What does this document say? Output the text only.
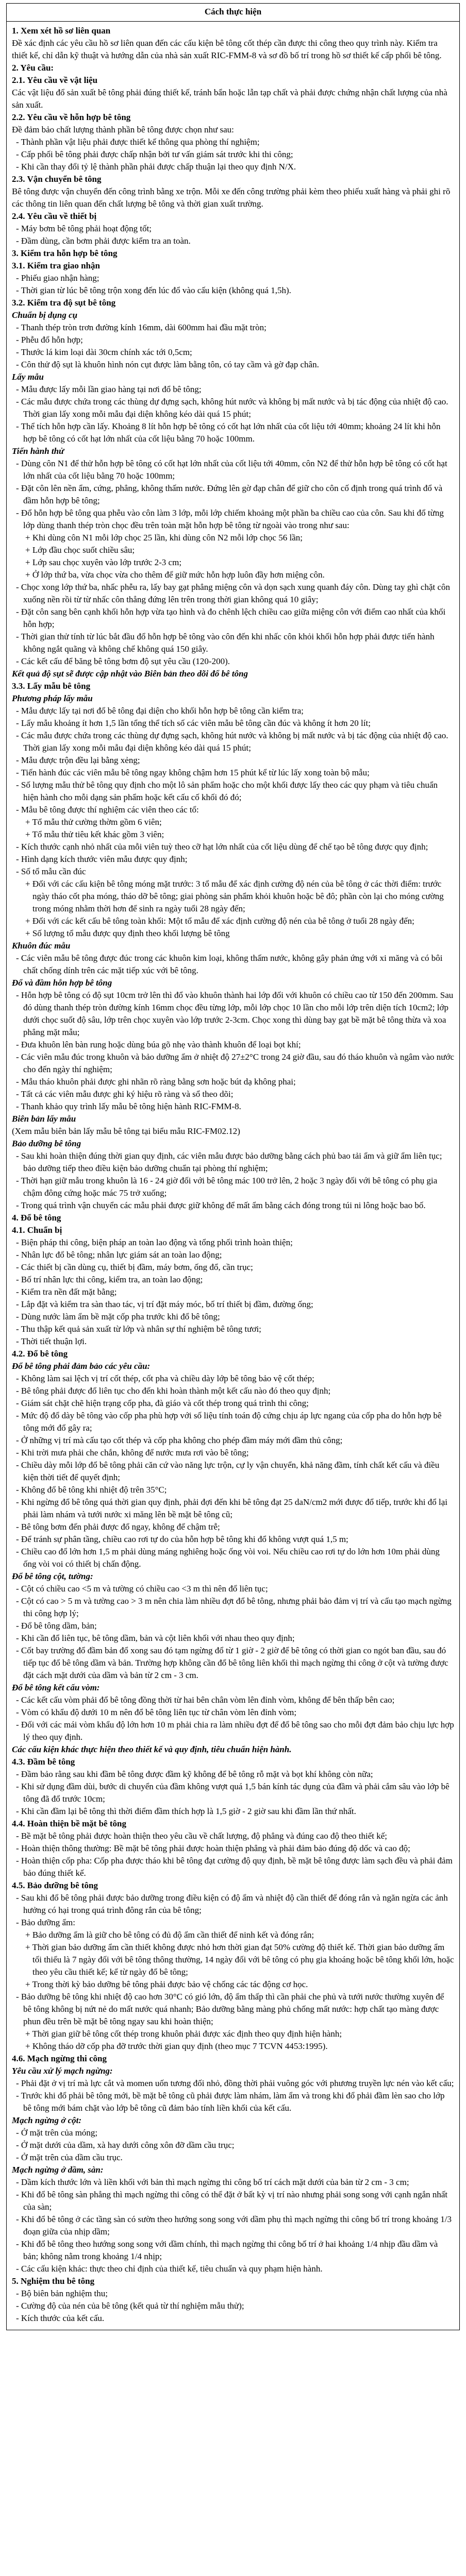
Cách thực hiện
1. Xem xét hồ sơ liên quan
Đề xác định các yêu cầu hồ sơ liên quan đến các cấu kiện bê tông cốt thép cần được thi công theo quy trình này. Kiểm tra thiết kế, chỉ dẫn kỹ thuật và hướng dẫn của nhà sản xuất RIC-FMM-8 và sơ đồ bố trí trong hồ sơ thiết kế cấp phối bê tông.
2. Yêu cầu:
2.1. Yêu cầu về vật liệu
Các vật liệu đổ sản xuất bê tông phải đúng thiết kế, tránh bẩn hoặc lẫn tạp chất và phải được chứng nhận chất lượng của nhà sản xuất.
2.2. Yêu cầu về hỗn hợp bê tông
Đề đảm bảo chất lượng thành phần bê tông được chọn như sau:
- Thành phần vật liệu phải được thiết kế thông qua phòng thí nghiệm;
- Cấp phối bê tông phải được chấp nhận bởi tư vấn giám sát trước khi thi công;
- Khi cần thay đổi tỷ lệ thành phần phải được chấp thuận lại theo quy định N/X.
2.3. Vận chuyển bê tông
Bê tông được vận chuyển đến công trình bằng xe trộn. Mỗi xe đến công trường phải kèm theo phiếu xuất hàng và phải ghi rõ các thông tin liên quan đến chất lượng bê tông và thời gian xuất trường.
2.4. Yêu cầu về thiết bị
- Máy bơm bê tông phải hoạt động tốt;
- Đầm dùng, cần bơm phải được kiểm tra an toàn.
3. Kiểm tra hỗn hợp bê tông
3.1. Kiểm tra giao nhận
- Phiếu giao nhận hàng;
- Thời gian từ lúc bê tông trộn xong đến lúc đổ vào cấu kiện (không quá 1,5h).
3.2. Kiểm tra độ sụt bê tông
Chuẩn bị dụng cụ
- Thanh thép tròn trơn đường kính 16mm, dài 600mm hai đầu mặt tròn;
- Phễu đổ hỗn hợp;
- Thước lá kim loại dài 30cm chính xác tới 0,5cm;
- Côn thử độ sụt là khuôn hình nón cụt được làm bằng tôn, có tay cầm và gờ đạp chân.
Lấy mẫu
- Mẫu được lấy mỗi lần giao hàng tại nơi đổ bê tông;
- Các mẫu được chứa trong các thùng dự đựng sạch, không hút nước và không bị mất nước và bị tác động của nhiệt độ cao. Thời gian lấy xong mỗi mẫu đại diện không kéo dài quá 15 phút;
- Thể tích hỗn hợp cần lấy. Khoảng 8 lít hỗn hợp bê tông có cốt hạt lớn nhất của cốt liệu tới 40mm; khoảng 24 lít khi hỗn hợp bê tông có cốt hạt lớn nhất của cốt liệu bằng 70 hoặc 100mm.
Tiến hành thử
- Dùng côn N1 để thử hỗn hợp bê tông có cốt hạt lớn nhất của cốt liệu tới 40mm, côn N2 để thử hỗn hợp bê tông có cốt hạt lớn nhất của cốt liệu bằng 70 hoặc 100mm;
- Đặt côn lên nền ẩm, cứng, phẳng, không thấm nước. Đứng lên gờ đạp chân để giữ cho côn cố định trong quá trình đổ và đầm hỗn hợp bê tông;
- Đổ hỗn hợp bê tông qua phễu vào côn làm 3 lớp, mỗi lớp chiếm khoảng một phần ba chiều cao của côn. Sau khi đổ từng lớp dùng thanh thép tròn chọc đều trên toàn mặt hỗn hợp bê tông từ ngoài vào trong như sau:
+ Khi dùng côn N1 mỗi lớp chọc 25 lần, khi dùng côn N2 mỗi lớp chọc 56 lần;
+ Lớp đầu chọc suốt chiều sâu;
+ Lớp sau chọc xuyên vào lớp trước 2-3 cm;
+ Ở lớp thứ ba, vừa chọc vừa cho thêm để giữ mức hỗn hợp luôn đầy hơn miệng côn.
- Chọc xong lớp thứ ba, nhấc phễu ra, lấy bay gạt phẳng miệng côn và dọn sạch xung quanh đáy côn. Dùng tay ghì chặt côn xuống nền rồi từ từ nhấc côn thẳng đứng lên trên trong thời gian không quá 10 giây;
- Đặt côn sang bên cạnh khối hỗn hợp vừa tạo hình và đo chênh lệch chiều cao giữa miệng côn với điểm cao nhất của khối hỗn hợp;
- Thời gian thử tính từ lúc bắt đầu đổ hỗn hợp bê tông vào côn đến khi nhấc côn khỏi khối hỗn hợp phải được tiến hành không ngắt quãng và không chế không quá 150 giây.
- Các kết cấu để băng bê tông bơm độ sụt yêu cầu (120-200).
Kết quả độ sụt sẽ được cập nhật vào Biên bản theo dõi đổ bê tông
3.3. Lấy mẫu bê tông
Phương pháp lấy mẫu
- Mẫu được lấy tại nơi đổ bê tông đại diện cho khối hỗn hợp bê tông cần kiểm tra;
- Lấy mẫu khoảng ít hơn 1,5 lần tổng thể tích số các viên mẫu bê tông cần đúc và không ít hơn 20 lít;
- Các mẫu được chứa trong các thùng dự đựng sạch, không hút nước và không bị mất nước và bị tác động của nhiệt độ cao. Thời gian lấy xong mỗi mẫu đại diện không kéo dài quá 15 phút;
- Mẫu được trộn đều lại bằng xẻng;
- Tiến hành đúc các viên mẫu bê tông ngay không chậm hơn 15 phút kể từ lúc lấy xong toàn bộ mẫu;
- Số lượng mẫu thử bê tông quy định cho một lô sản phẩm hoặc cho một khối được lấy theo các quy phạm và tiêu chuẩn hiện hành cho mỗi dạng sản phẩm hoặc kết cấu cố khối đó đó;
- Mẫu bê tông được thí nghiệm các viên theo các tổ:
+ Tổ mẫu thử cường thờm gồm 6 viên;
+ Tổ mẫu thử tiêu kết khác gồm 3 viên;
- Kích thước cạnh nhỏ nhất của mỗi viên tuỳ theo cỡ hạt lớn nhất của cốt liệu dùng để chế tạo bê tông được quy định;
- Hình dạng kích thước viên mẫu được quy định;
- Số tổ mẫu cần đúc
+ Đối với các cấu kiện bê tông móng mặt trước: 3 tổ mẫu để xác định cường độ nén của bê tông ở các thời điểm: trước ngày tháo cốt pha móng, tháo dỡ bê tông; giai phòng sản phẩm khỏi khuôn hoặc bê đô; phần còn lại cho móng cường trong móng nhằm thời hơn để sinh ra ngày tuổi 28 ngày đến;
+ Đối với các kết cấu bê tông toàn khối: Một tổ mẫu để xác định cường độ nén của bê tông ở tuổi 28 ngày đến;
+ Số lượng tổ mẫu được quy định theo khối lượng bê tông
Khuôn đúc mẫu
- Các viên mẫu bê tông được đúc trong các khuôn kim loại, không thấm nước, không gây phản ứng với xi măng và có bôi chất chống dính trên các mặt tiếp xúc với bê tông.
Đổ và đầm hỗn hợp bê tông
- Hỗn hợp bê tông có độ sụt 10cm trở lên thì đổ vào khuôn thành hai lớp đối với khuôn có chiều cao từ 150 đến 200mm. Sau đó dùng thanh thép tròn đường kính 16mm chọc đều từng lớp, mỗi lớp chọc 10 lần cho mỗi lớp trên diện tích 10cm2; lớp dưới chọc suốt độ sâu, lớp trên chọc xuyên vào lớp trước 2-3cm. Chọc xong thì dùng bay gạt bề mặt bê tông thừa và xoa phẳng mặt mẫu;
- Đưa khuôn lên bàn rung hoặc dùng búa gõ nhẹ vào thành khuôn để loại bọt khí;
- Các viên mẫu đúc trong khuôn và bảo dưỡng ẩm ở nhiệt độ 27±2°C trong 24 giờ đầu, sau đó tháo khuôn và ngâm vào nước cho đến ngày thí nghiệm;
- Mẫu tháo khuôn phải được ghi nhãn rõ ràng bằng sơn hoặc bút dạ không phai;
- Tất cả các viên mẫu được ghi ký hiệu rõ ràng và sổ theo dõi;
- Thanh khảo quy trình lấy mẫu bê tông hiện hành RIC-FMM-8.
Biên bản lấy mẫu
(Xem mẫu biên bản lấy mẫu bê tông tại biểu mẫu RIC-FM02.12)
Bảo dưỡng bê tông
- Sau khi hoàn thiện đúng thời gian quy định, các viên mẫu được bảo dưỡng bằng cách phủ bao tải ẩm và giữ ẩm liên tục; bảo dưỡng tiếp theo điều kiện bảo dưỡng chuẩn tại phòng thí nghiệm;
- Thời hạn giữ mẫu trong khuôn là 16 - 24 giờ đối với bê tông mác 100 trở lên, 2 hoặc 3 ngày đối với bê tông có phụ gia chậm đông cứng hoặc mác 75 trở xuống;
- Trong quá trình vận chuyển các mẫu phải được giữ không để mất ẩm bằng cách đóng trong túi ni lông hoặc bao bố.
4. Đổ bê tông
4.1. Chuẩn bị
- Biện pháp thi công, biện pháp an toàn lao động và tổng phối trình hoàn thiện;
- Nhân lực đổ bê tông; nhân lực giám sát an toàn lao động;
- Các thiết bị cần dùng cụ, thiết bị đầm, máy bơm, ống đổ, cần trục;
- Bố trí nhân lực thi công, kiểm tra, an toàn lao động;
- Kiểm tra nền đất mặt bằng;
- Lắp đặt và kiểm tra sàn thao tác, vị trí đặt máy móc, bố trí thiết bị đầm, đường ống;
- Dùng nước làm ẩm bề mặt cốp pha trước khi đổ bê tông;
- Thu thập kết quả sản xuất từ lớp và nhân sự thí nghiệm bê tông tươi;
- Thời tiết thuận lợi.
4.2. Đổ bê tông
Đổ bê tông phải đảm bảo các yêu cầu:
- Không làm sai lệch vị trí cốt thép, cốt pha và chiều dày lớp bê tông bảo vệ cốt thép;
- Bê tông phải được đổ liên tục cho đến khi hoàn thành một kết cấu nào đó theo quy định;
- Giám sát chặt chẽ hiện trạng cốp pha, đà giáo và cốt thép trong quá trình thi công;
- Mức độ đổ dày bê tông vào cốp pha phù hợp với số liệu tính toán độ cứng chịu áp lực ngang của cốp pha do hỗn hợp bê tông mới đổ gây ra;
- Ở những vị trí mà cấu tạo cốt thép và cốp pha không cho phép đầm máy mới đầm thủ công;
- Khi trời mưa phải che chắn, không để nước mưa rơi vào bê tông;
- Chiều dày mỗi lớp đổ bê tông phải căn cứ vào năng lực trộn, cự ly vận chuyển, khả năng đầm, tính chất kết cấu và điều kiện thời tiết để quyết định;
- Không đổ bê tông khi nhiệt độ trên 35°C;
- Khi ngừng đổ bê tông quá thời gian quy định, phải đợi đến khi bê tông đạt 25 daN/cm2 mới được đổ tiếp, trước khi đổ lại phải làm nhám và tưới nước xi măng lên bề mặt bê tông cũ;
- Bê tông bơm đến phải được đổ ngay, không để chậm trễ;
- Để tránh sự phân tầng, chiều cao rơi tự do của hỗn hợp bê tông khi đổ không vượt quá 1,5 m;
- Chiều cao đổ lớn hơn 1,5 m phải dùng máng nghiêng hoặc ống vòi voi. Nếu chiều cao rơi tự do lớn hơn 10m phải dùng ống vòi voi có thiết bị chấn động.
Đổ bê tông cột, tường:
- Cột có chiều cao <5 m và tường có chiều cao <3 m thì nên đổ liên tục;
- Cột có cao > 5 m và tường cao > 3 m nên chia làm nhiều đợt đổ bê tông, nhưng phải bảo đảm vị trí và cấu tạo mạch ngừng thi công hợp lý;
- Đổ bê tông dầm, bản;
- Khi cần đổ liên tục, bê tông dầm, bản và cột liên khối với nhau theo quy định;
- Cốt bay trường đổ đầm bản đổ xong sau đó tạm ngừng đổ từ 1 giờ - 2 giờ để bê tông có thời gian co ngót ban đầu, sau đó tiếp tục đổ bê tông dầm và bản. Trường hợp không cần đổ bê tông liên khối thì mạch ngừng thi công ở cột và tường được đặt cách mặt dưới của dầm và bản từ 2 cm - 3 cm.
Đổ bê tông kết cấu vòm:
- Các kết cấu vòm phải đổ bê tông đồng thời từ hai bên chân vòm lên đỉnh vòm, không để bên thấp bên cao;
- Vòm có khẩu độ dưới 10 m nên đổ bê tông liên tục từ chân vòm lên đỉnh vòm;
- Đối với các mái vòm khẩu độ lớn hơn 10 m phải chia ra làm nhiều đợt để đổ bê tông sao cho mỗi đợt đảm bảo chịu lực hợp lý theo quy định.
Các cấu kiện khác thực hiện theo thiết kế và quy định, tiêu chuẩn hiện hành.
4.3. Đầm bê tông
- Đầm bảo rằng sau khi đầm bê tông được đầm kỹ không để bê tông rỗ mặt và bọt khí không còn nữa;
- Khi sử dụng đầm dùi, bước di chuyển của đầm không vượt quá 1,5 bán kính tác dụng của đầm và phải cắm sâu vào lớp bê tông đã đổ trước 10cm;
- Khi cần đầm lại bê tông thì thời điểm đầm thích hợp là 1,5 giờ - 2 giờ sau khi đầm lần thứ nhất.
4.4. Hoàn thiện bề mặt bê tông
- Bề mặt bê tông phải được hoàn thiện theo yêu cầu về chất lượng, độ phẳng và đúng cao độ theo thiết kế;
- Hoàn thiện thông thường: Bề mặt bê tông phải được hoàn thiện phẳng và phải đảm bảo đúng độ dốc và cao độ;
- Hoàn thiện cốp pha: Cốp pha được tháo khi bê tông đạt cường độ quy định, bề mặt bê tông được làm sạch đều và phải đảm bảo đúng thiết kế.
4.5. Bảo dưỡng bê tông
- Sau khi đổ bê tông phải được bảo dưỡng trong điều kiện có độ ẩm và nhiệt độ cần thiết để đóng rắn và ngăn ngừa các ảnh hưởng có hại trong quá trình đông rắn của bê tông;
- Bảo dưỡng ẩm:
+ Bảo dưỡng ẩm là giữ cho bê tông có đủ độ ẩm cần thiết để ninh kết và đóng rắn;
+ Thời gian bảo dưỡng ẩm cần thiết không được nhỏ hơn thời gian đạt 50% cường độ thiết kế. Thời gian bảo dưỡng ẩm tối thiểu là 7 ngày đối với bê tông thông thường, 14 ngày đối với bê tông có phụ gia khoáng hoặc bê tông khối lớn, hoặc theo yêu cầu thiết kế; kể từ ngày đổ bê tông;
+ Trong thời kỳ bảo dưỡng bê tông phải được bảo vệ chống các tác động cơ học.
- Bảo dưỡng bê tông khi nhiệt độ cao hơn 30°C có gió lớn, độ ẩm thấp thì cần phải che phủ và tưới nước thường xuyên để bê tông không bị nứt nẻ do mất nước quá nhanh; Bảo dưỡng bằng màng phủ chống mất nước: hợp chất tạo màng được phun đều trên bề mặt bê tông ngay sau khi hoàn thiện;
+ Thời gian giữ bê tông cốt thép trong khuôn phải được xác định theo quy định hiện hành;
+ Không tháo dỡ cốp pha đỡ trước thời gian quy định (theo mục 7 TCVN 4453:1995).
4.6. Mạch ngừng thi công
Yêu cầu xử lý mạch ngừng:
- Phải đặt ở vị trí mà lực cắt và momen uốn tương đối nhỏ, đồng thời phải vuông góc với phương truyền lực nén vào kết cấu;
- Trước khi đổ phải bê tông mới, bề mặt bê tông cũ phải được làm nhám, làm ẩm và trong khi đổ phải đầm lèn sao cho lớp bê tông mới bám chặt vào lớp bê tông cũ đảm bảo tính liền khối của kết cấu.
Mạch ngừng ở cột:
- Ở mặt trên của móng;
- Ở mặt dưới của dầm, xà hay dưới công xôn đỡ dầm cầu trục;
- Ở mặt trên của dầm cầu trục.
Mạch ngừng ở dầm, sàn:
- Dầm kích thước lớn và liền khối với bản thì mạch ngừng thi công bố trí cách mặt dưới của bản từ 2 cm - 3 cm;
- Khi đổ bê tông sàn phẳng thì mạch ngừng thi công có thể đặt ở bất kỳ vị trí nào nhưng phải song song với cạnh ngắn nhất của sàn;
- Khi đổ bê tông ở các tầng sàn có sườn theo hướng song song với dầm phụ thì mạch ngừng thi công bố trí trong khoảng 1/3 đoạn giữa của nhịp dầm;
- Khi đổ bê tông theo hướng song song với dầm chính, thì mạch ngừng thi công bố trí ở hai khoảng 1/4 nhịp đầu dầm và bản; không nằm trong khoảng 1/4 nhịp;
- Các cấu kiện khác: thực theo chỉ định của thiết kế, tiêu chuẩn và quy phạm hiện hành.
5. Nghiệm thu bê tông
- Bộ biên bản nghiệm thu;
- Cường độ của nén của bê tông (kết quả từ thí nghiệm mẫu thử);
- Kích thước của kết cấu.
